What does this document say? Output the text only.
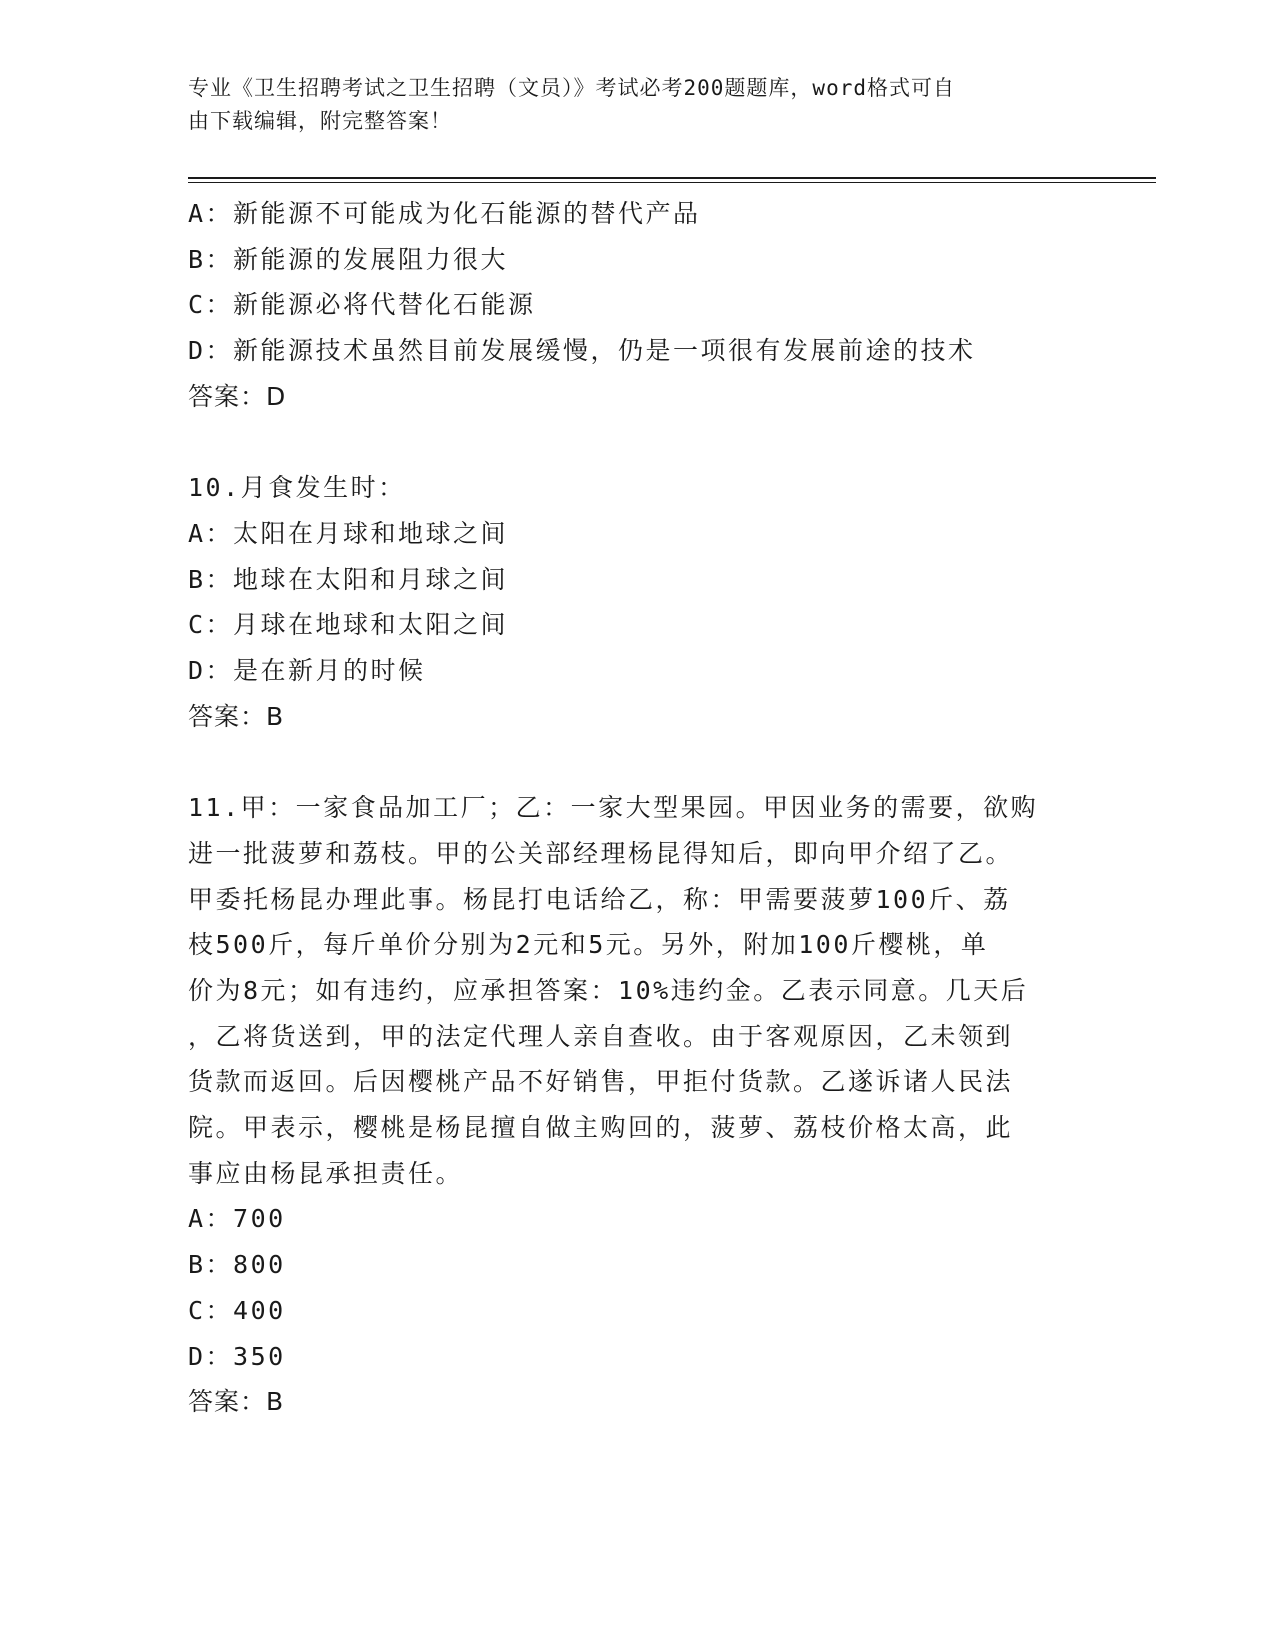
专业《卫生招聘考试之卫生招聘（文员）》考试必考200题题库，word格式可自
由下载编辑，附完整答案！
A：新能源不可能成为化石能源的替代产品
B：新能源的发展阻力很大
C：新能源必将代替化石能源
D：新能源技术虽然目前发展缓慢，仍是一项很有发展前途的技术
答案：D
10.月食发生时：
A：太阳在月球和地球之间
B：地球在太阳和月球之间
C：月球在地球和太阳之间
D：是在新月的时候
答案：B
11.甲：一家食品加工厂；乙：一家大型果园。甲因业务的需要，欲购
进一批菠萝和荔枝。甲的公关部经理杨昆得知后，即向甲介绍了乙。
甲委托杨昆办理此事。杨昆打电话给乙，称：甲需要菠萝100斤、荔
枝500斤，每斤单价分别为2元和5元。另外，附加100斤樱桃，单
价为8元；如有违约，应承担答案：10%违约金。乙表示同意。几天后
，乙将货送到，甲的法定代理人亲自查收。由于客观原因，乙未领到
货款而返回。后因樱桃产品不好销售，甲拒付货款。乙遂诉诸人民法
院。甲表示，樱桃是杨昆擅自做主购回的，菠萝、荔枝价格太高，此
事应由杨昆承担责任。
A：700
B：800
C：400
D：350
答案：B
